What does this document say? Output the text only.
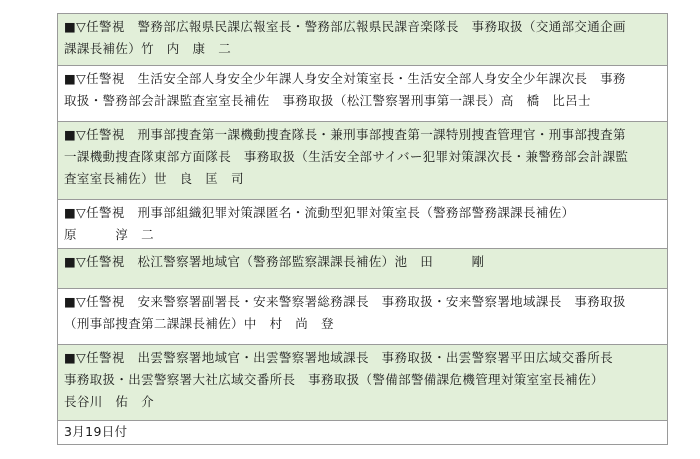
■▽任警視　警務部広報県民課広報室長・警務部広報県民課音楽隊長　事務取扱（交通部交通企画
課課長補佐）竹　内　康　二
■▽任警視　生活安全部人身安全少年課人身安全対策室長・生活安全部人身安全少年課次長　事務
取扱・警務部会計課監査室室長補佐　事務取扱（松江警察署刑事第一課長）高　橋　比呂士
■▽任警視　刑事部捜査第一課機動捜査隊長・兼刑事部捜査第一課特別捜査管理官・刑事部捜査第
一課機動捜査隊東部方面隊長　事務取扱（生活安全部サイバー犯罪対策課次長・兼警務部会計課監
査室室長補佐）世　良　匡　司
■▽任警視　刑事部組織犯罪対策課匿名・流動型犯罪対策室長（警務部警務課課長補佐）
原　　　淳　二
■▽任警視　松江警察署地域官（警務部監察課課長補佐）池　田　　　剛
■▽任警視　安来警察署副署長・安来警察署総務課長　事務取扱・安来警察署地域課長　事務取扱
（刑事部捜査第二課課長補佐）中　村　尚　登
■▽任警視　出雲警察署地域官・出雲警察署地域課長　事務取扱・出雲警察署平田広域交番所長
事務取扱・出雲警察署大社広域交番所長　事務取扱（警備部警備課危機管理対策室室長補佐）
長谷川　佑　介
3月19日付
